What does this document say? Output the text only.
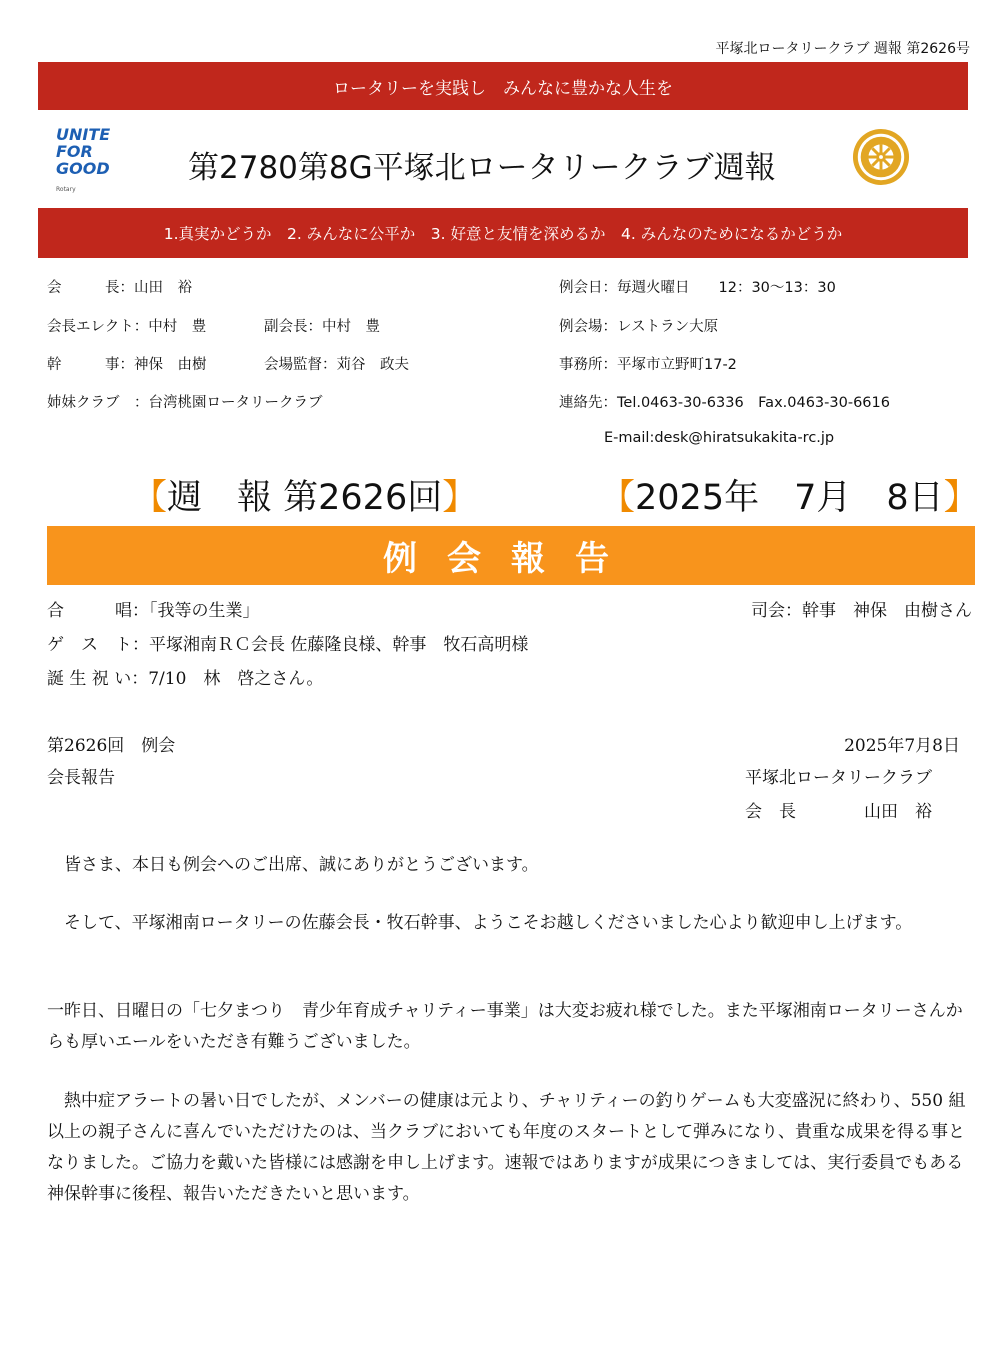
平塚北ロータリークラブ 週報 第2626号
ロータリーを実践し　みんなに豊かな人生を
UNITE
FOR
GOOD
Rotary
第2780第8G平塚北ロータリークラブ週報
1.真実かどうか　2. みんなに公平か　3. 好意と友情を深めるか　4. みんなのためになるかどうか
会　　　長：山田　裕
会長エレクト：中村　豊	副会長：中村　豊
幹　　　事：神保　由樹	会場監督：苅谷　政夫
姉妹クラブ　：台湾桃園ロータリークラブ
例会日：毎週火曜日　　12：30〜13：30
例会場：レストラン大原
事務所：平塚市立野町17-2
連絡先：Tel.0463-30-6336　Fax.0463-30-6616
E-mail:desk@hiratsukakita-rc.jp
【週　報 第2626回】	【2025年　7月　8日】
例会報告
合　　　唱：「我等の生業」	司会：幹事　神保　由樹さん
ゲ　ス　ト：平塚湘南ＲＣ会長 佐藤隆良様、幹事　牧石高明様
誕 生 祝 い：7/10　林　啓之さん。
第2626回　例会	2025年7月8日
会長報告	平塚北ロータリークラブ
会　長　　　　山田　裕
　皆さま、本日も例会へのご出席、誠にありがとうございます。
　そして、平塚湘南ロータリーの佐藤会長・牧石幹事、ようこそお越しくださいました心より歓迎申し上げます。
一昨日、日曜日の「七夕まつり　青少年育成チャリティー事業」は大変お疲れ様でした。また平塚湘南ロータリーさんからも厚いエールをいただき有難うございました。
　熱中症アラートの暑い日でしたが、メンバーの健康は元より、チャリティーの釣りゲームも大変盛況に終わり、550 組以上の親子さんに喜んでいただけたのは、当クラブにおいても年度のスタートとして弾みになり、貴重な成果を得る事となりました。ご協力を戴いた皆様には感謝を申し上げます。速報ではありますが成果につきましては、実行委員でもある神保幹事に後程、報告いただきたいと思います。
